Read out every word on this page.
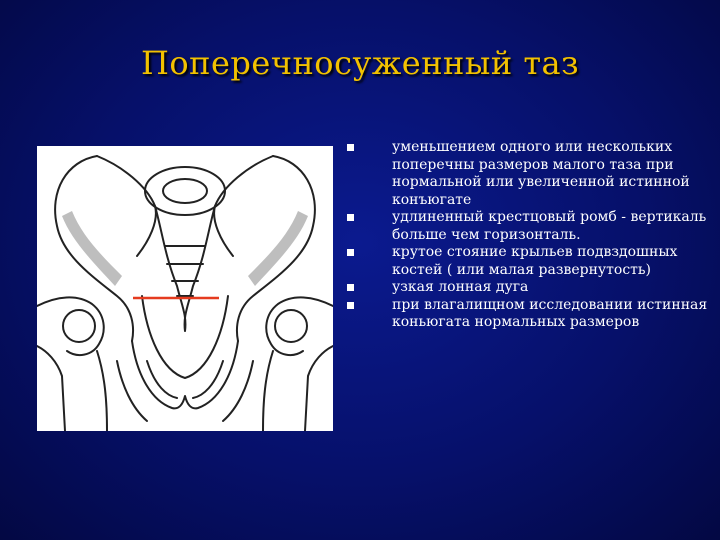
Поперечносуженный таз
уменьшением одного или нескольких поперечны размеров малого таза при нормальной или увеличенной истинной конъюгате
удлиненный крестцовый ромб - вертикаль больше чем горизонталь.
крутое стояние крыльев подвздошных костей ( или малая развернутость)
узкая лонная дуга
при влагалищном исследовании истинная коньюгата нормальных размеров
